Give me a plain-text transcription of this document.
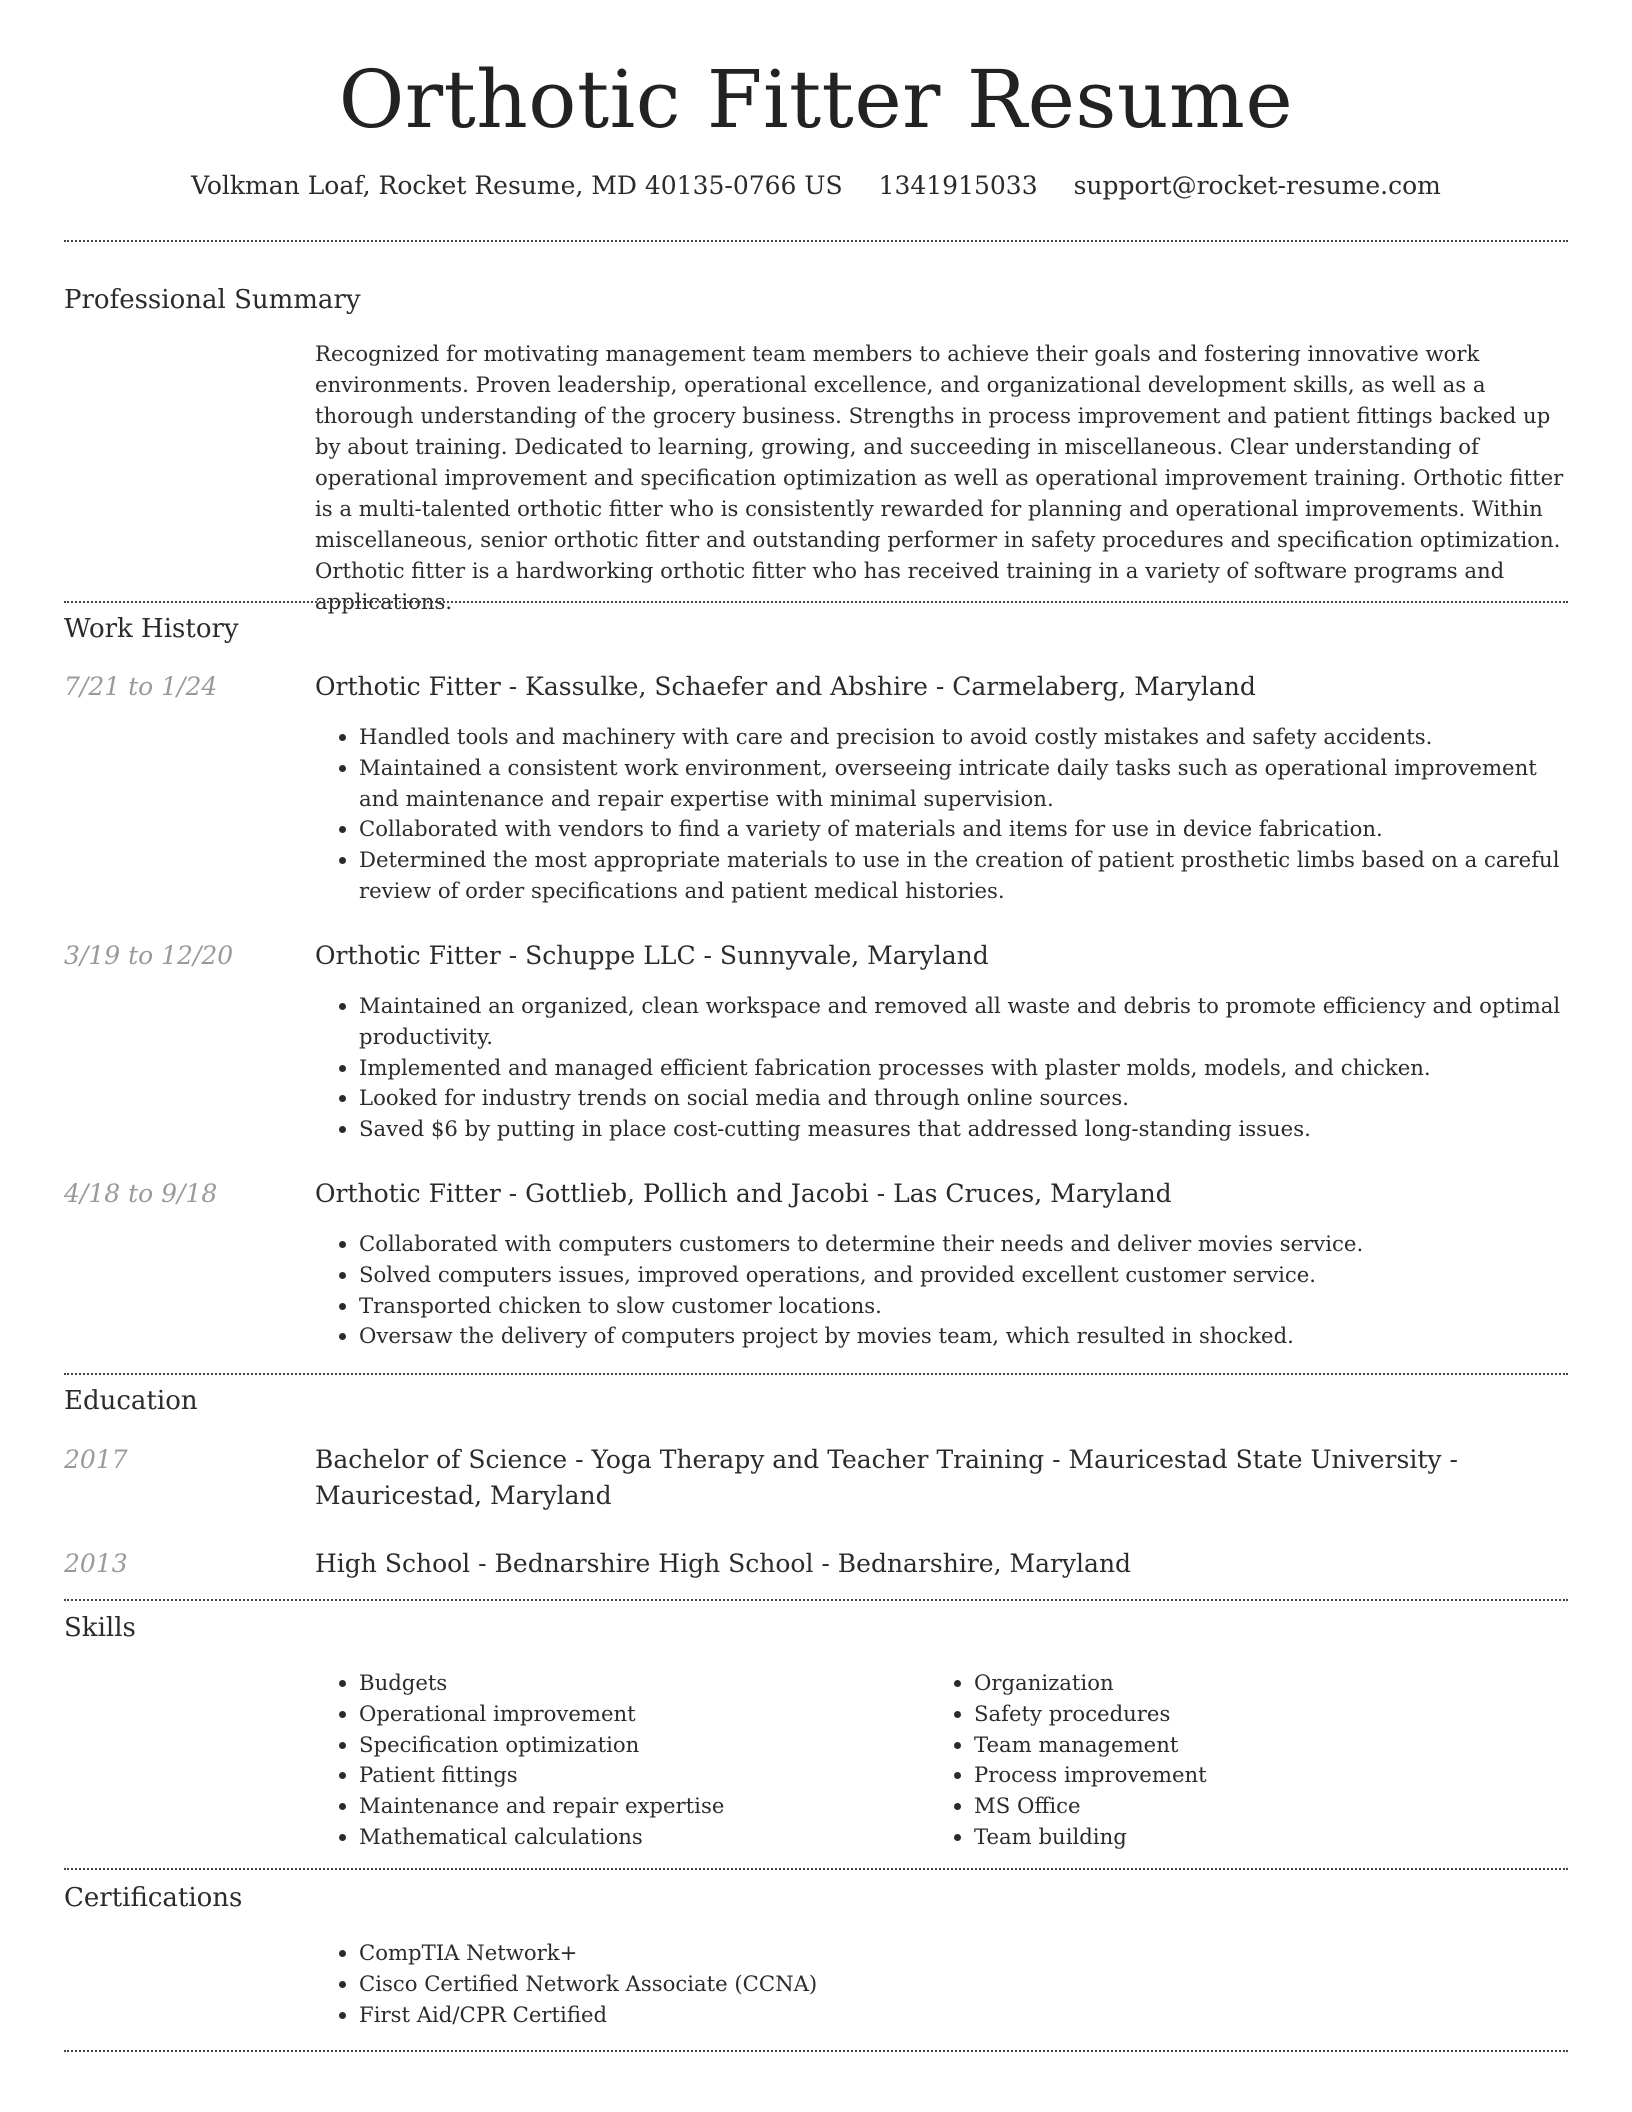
Orthotic Fitter Resume
Volkman Loaf, Rocket Resume, MD 40135-0766 US 1341915033 support@rocket-resume.com
Professional Summary

Recognized for motivating management team members to achieve their goals and fostering innovative work environments. Proven leadership, operational excellence, and organizational development skills, as well as a thorough understanding of the grocery business. Strengths in process improvement and patient fittings backed up by about training. Dedicated to learning, growing, and succeeding in miscellaneous. Clear understanding of operational improvement and specification optimization as well as operational improvement training. Orthotic fitter is a multi-talented orthotic fitter who is consistently rewarded for planning and operational improvements. Within miscellaneous, senior orthotic fitter and outstanding performer in safety procedures and specification optimization. Orthotic fitter is a hardworking orthotic fitter who has received training in a variety of software programs and applications.

Work History
7/21 to 1/24	Orthotic Fitter - Kassulke, Schaefer and Abshire - Carmelaberg, Maryland
• Handled tools and machinery with care and precision to avoid costly mistakes and safety accidents.
• Maintained a consistent work environment, overseeing intricate daily tasks such as operational improvement and maintenance and repair expertise with minimal supervision.
• Collaborated with vendors to find a variety of materials and items for use in device fabrication.
• Determined the most appropriate materials to use in the creation of patient prosthetic limbs based on a careful review of order specifications and patient medical histories.
3/19 to 12/20	Orthotic Fitter - Schuppe LLC - Sunnyvale, Maryland
• Maintained an organized, clean workspace and removed all waste and debris to promote efficiency and optimal productivity.
• Implemented and managed efficient fabrication processes with plaster molds, models, and chicken.
• Looked for industry trends on social media and through online sources.
• Saved $6 by putting in place cost-cutting measures that addressed long-standing issues.
4/18 to 9/18	Orthotic Fitter - Gottlieb, Pollich and Jacobi - Las Cruces, Maryland
• Collaborated with computers customers to determine their needs and deliver movies service.
• Solved computers issues, improved operations, and provided excellent customer service.
• Transported chicken to slow customer locations.
• Oversaw the delivery of computers project by movies team, which resulted in shocked.
Education
2017	Bachelor of Science - Yoga Therapy and Teacher Training - Mauricestad State University - Mauricestad, Maryland
2013	High School - Bednarshire High School - Bednarshire, Maryland
Skills
• Budgets
• Operational improvement
• Specification optimization
• Patient fittings
• Maintenance and repair expertise
• Mathematical calculations
• Organization
• Safety procedures
• Team management
• Process improvement
• MS Office
• Team building
Certifications
• CompTIA Network+
• Cisco Certified Network Associate (CCNA)
• First Aid/CPR Certified
